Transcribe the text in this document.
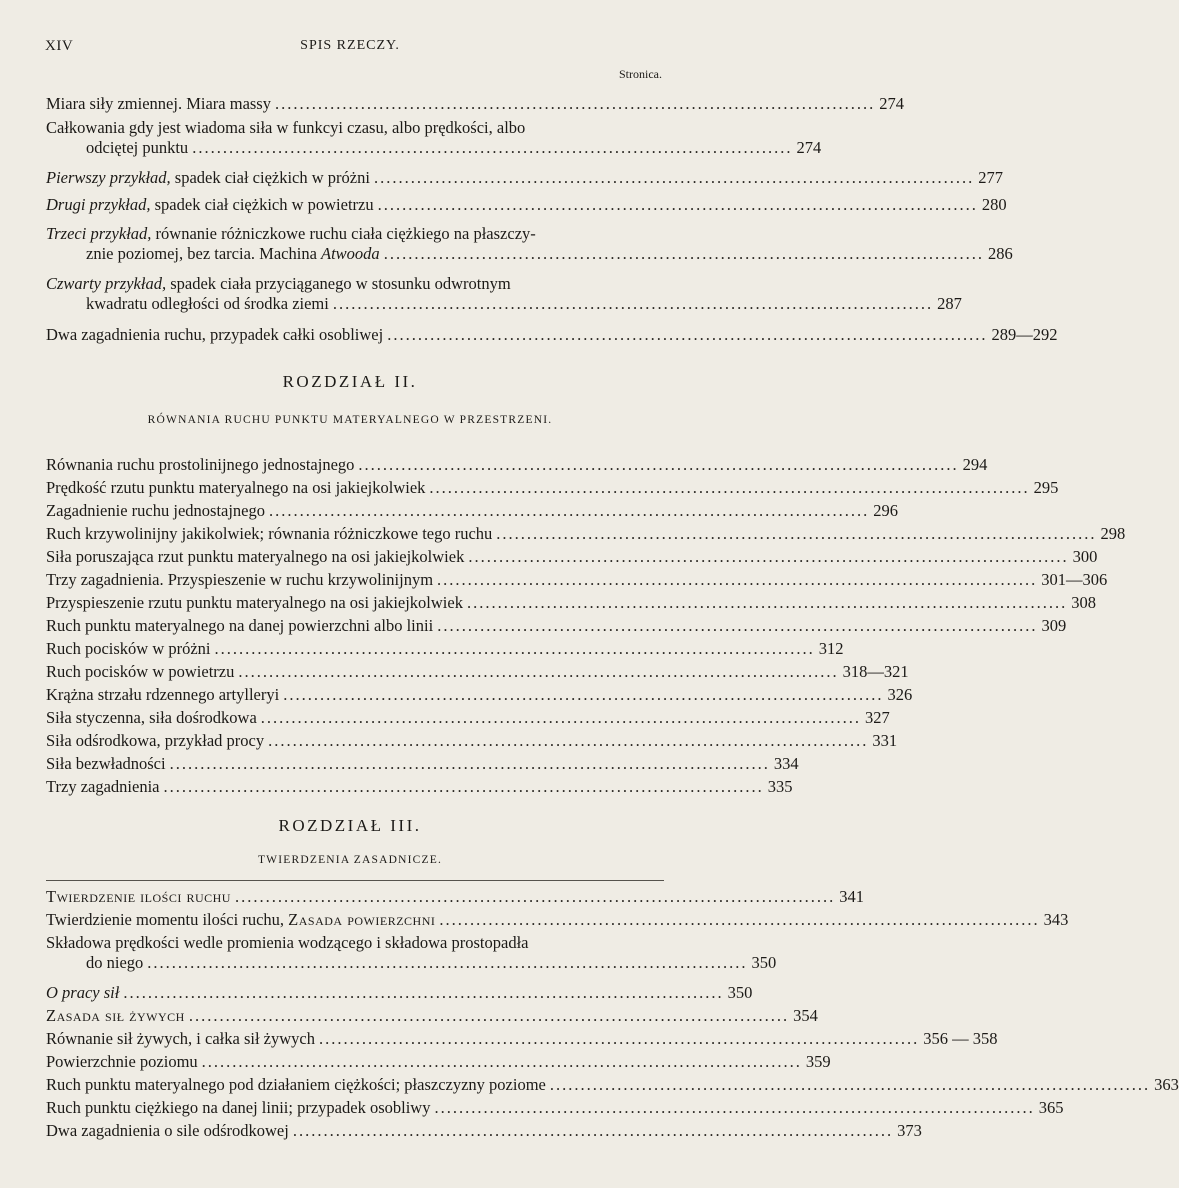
XIV	SPIS RZECZY.
Stronica.
Miara siły zmiennej. Miara massy .................................................................................................. 274
Całkowania gdy jest wiadoma siła w funkcyi czasu, albo prędkości, albo
odciętej punktu .................................................................................................. 274
Pierwszy przykład, spadek ciał ciężkich w próżni .................................................................................................. 277
Drugi przykład, spadek ciał ciężkich w powietrzu .................................................................................................. 280
Trzeci przykład, równanie różniczkowe ruchu ciała ciężkiego na płaszczy-
znie poziomej, bez tarcia. Machina Atwooda .................................................................................................. 286
Czwarty przykład, spadek ciała przyciąganego w stosunku odwrotnym
kwadratu odległości od środka ziemi .................................................................................................. 287
Dwa zagadnienia ruchu, przypadek całki osobliwej .................................................................................................. 289—292
ROZDZIAŁ II.
RÓWNANIA RUCHU PUNKTU MATERYALNEGO W PRZESTRZENI.
Równania ruchu prostolinijnego jednostajnego .................................................................................................. 294
Prędkość rzutu punktu materyalnego na osi jakiejkolwiek .................................................................................................. 295
Zagadnienie ruchu jednostajnego .................................................................................................. 296
Ruch krzywolinijny jakikolwiek; równania różniczkowe tego ruchu .................................................................................................. 298
Siła poruszająca rzut punktu materyalnego na osi jakiejkolwiek .................................................................................................. 300
Trzy zagadnienia. Przyspieszenie w ruchu krzywolinijnym .................................................................................................. 301—306
Przyspieszenie rzutu punktu materyalnego na osi jakiejkolwiek .................................................................................................. 308
Ruch punktu materyalnego na danej powierzchni albo linii .................................................................................................. 309
Ruch pocisków w próżni .................................................................................................. 312
Ruch pocisków w powietrzu .................................................................................................. 318—321
Krążna strzału rdzennego artylleryi .................................................................................................. 326
Siła styczenna, siła dośrodkowa .................................................................................................. 327
Siła odśrodkowa, przykład procy .................................................................................................. 331
Siła bezwładności .................................................................................................. 334
Trzy zagadnienia .................................................................................................. 335
ROZDZIAŁ III.
TWIERDZENIA ZASADNICZE.
Twierdzenie ilości ruchu .................................................................................................. 341
Twierdzienie momentu ilości ruchu, Zasada powierzchni .................................................................................................. 343
Składowa prędkości wedle promienia wodzącego i składowa prostopadła
do niego .................................................................................................. 350
O pracy sił .................................................................................................. 350
Zasada sił żywych .................................................................................................. 354
Równanie sił żywych, i całka sił żywych .................................................................................................. 356 — 358
Powierzchnie poziomu .................................................................................................. 359
Ruch punktu materyalnego pod działaniem ciężkości; płaszczyzny poziome .................................................................................................. 363
Ruch punktu ciężkiego na danej linii; przypadek osobliwy .................................................................................................. 365
Dwa zagadnienia o sile odśrodkowej .................................................................................................. 373
